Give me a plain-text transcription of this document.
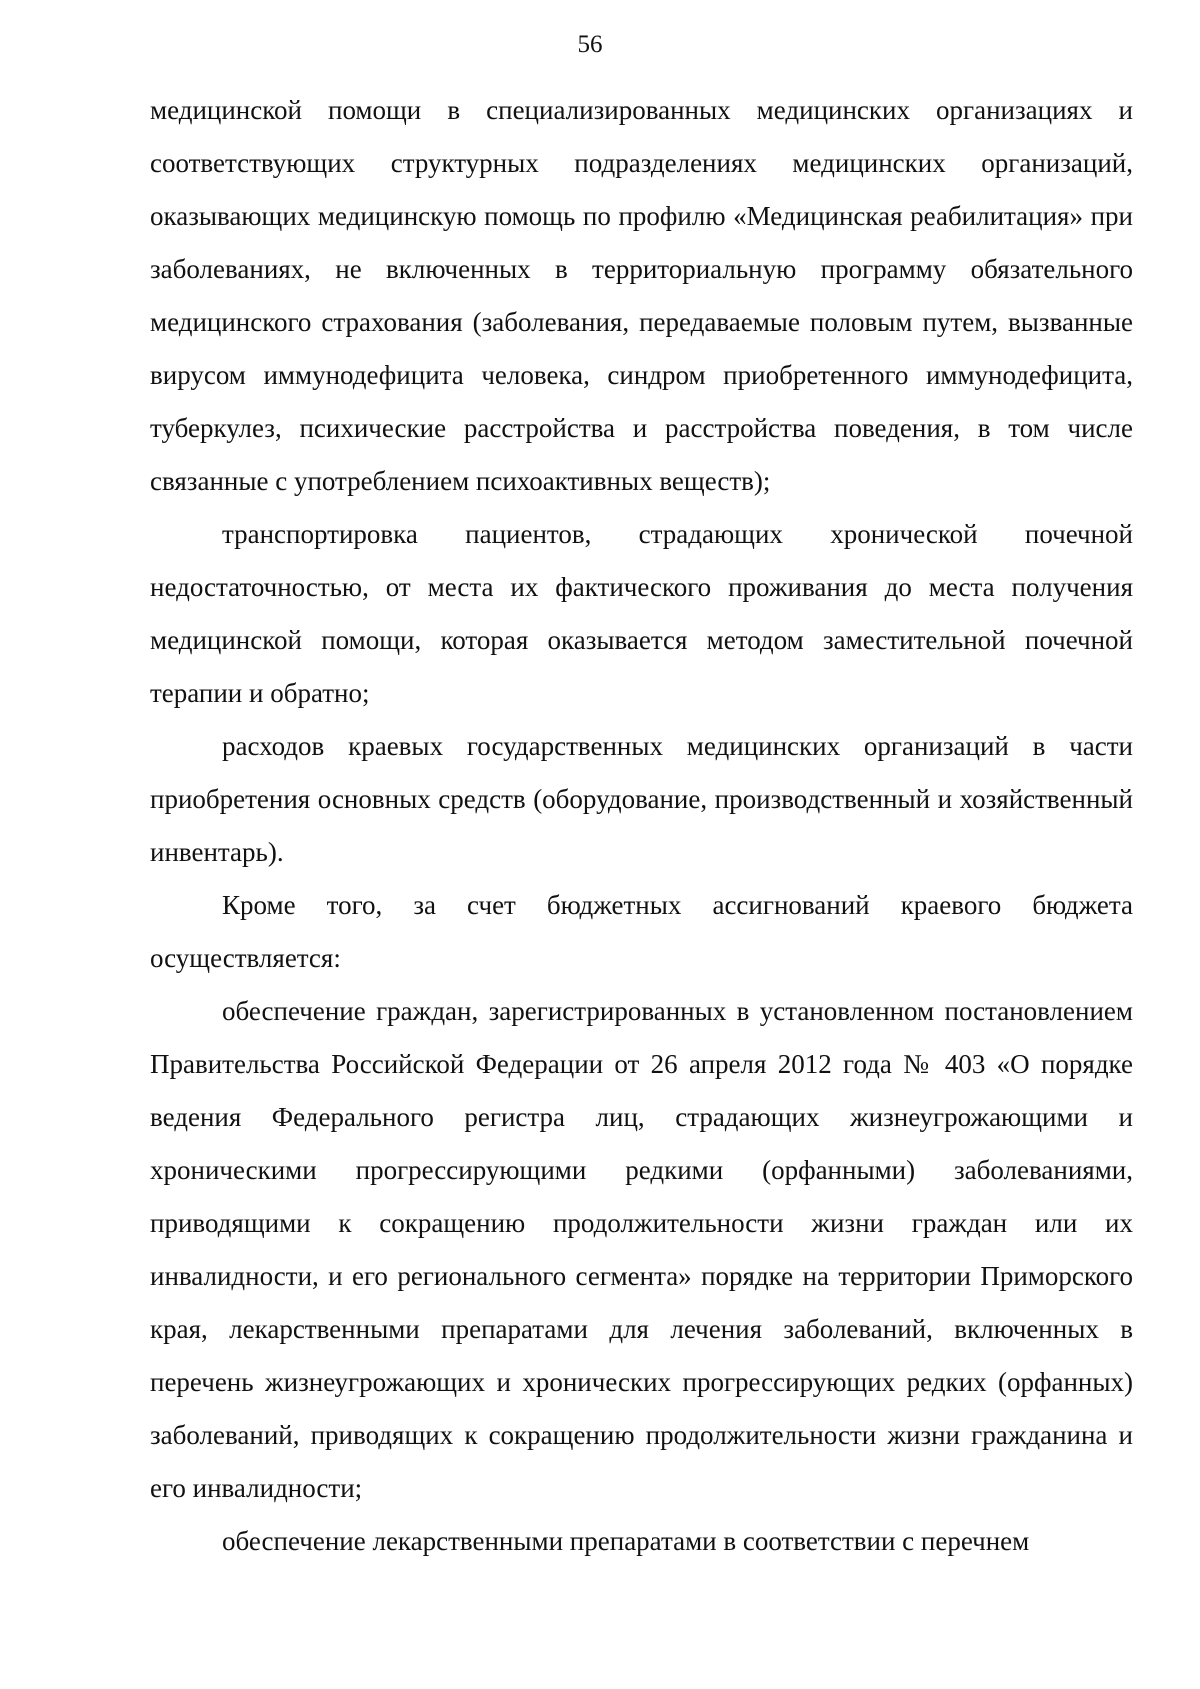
56

медицинской помощи в специализированных медицинских организациях и соответствующих структурных подразделениях медицинских организаций, оказывающих медицинскую помощь по профилю «Медицинская реабилитация» при заболеваниях, не включенных в территориальную программу обязательного медицинского страхования (заболевания, передаваемые половым путем, вызванные вирусом иммунодефицита человека, синдром приобретенного иммунодефицита, туберкулез, психические расстройства и расстройства поведения, в том числе связанные с употреблением психоактивных веществ);

транспортировка пациентов, страдающих хронической почечной недостаточностью, от места их фактического проживания до места получения медицинской помощи, которая оказывается методом заместительной почечной терапии и обратно;

расходов краевых государственных медицинских организаций в части приобретения основных средств (оборудование, производственный и хозяйственный инвентарь).

Кроме того, за счет бюджетных ассигнований краевого бюджета осуществляется:

обеспечение граждан, зарегистрированных в установленном постановлением Правительства Российской Федерации от 26 апреля 2012 года № 403 «О порядке ведения Федерального регистра лиц, страдающих жизнеугрожающими и хроническими прогрессирующими редкими (орфанными) заболеваниями, приводящими к сокращению продолжительности жизни граждан или их инвалидности, и его регионального сегмента» порядке на территории Приморского края, лекарственными препаратами для лечения заболеваний, включенных в перечень жизнеугрожающих и хронических прогрессирующих редких (орфанных) заболеваний, приводящих к сокращению продолжительности жизни гражданина и его инвалидности;

обеспечение лекарственными препаратами в соответствии с перечнем
